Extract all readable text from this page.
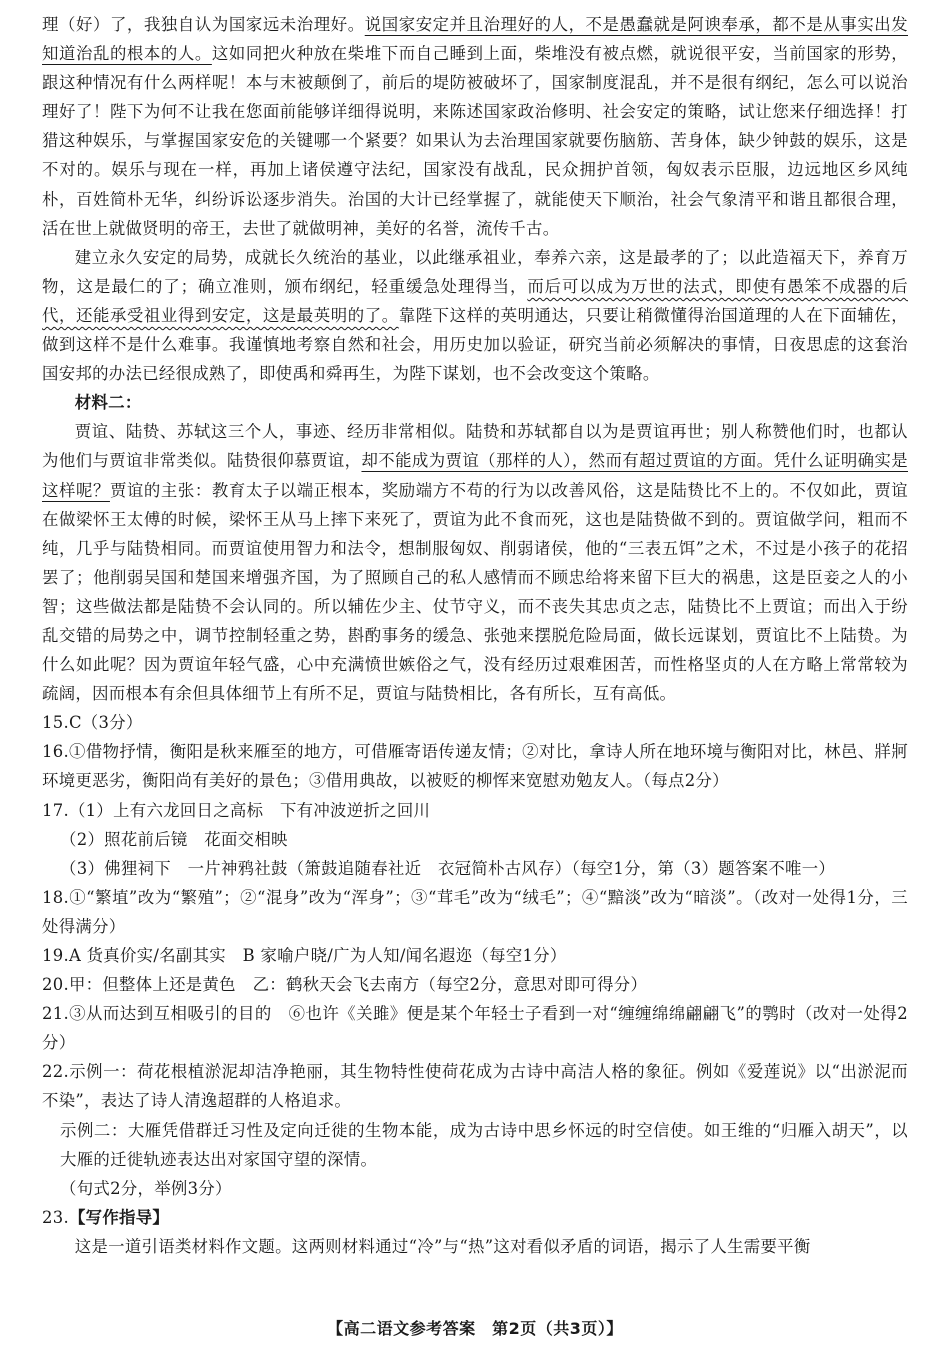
理（好）了，我独自认为国家远未治理好。说国家安定并且治理好的人，不是愚蠢就是阿谀奉承，都不是从事实出发知道治乱的根本的人。这如同把火种放在柴堆下而自己睡到上面，柴堆没有被点燃，就说很平安，当前国家的形势，跟这种情况有什么两样呢！本与末被颠倒了，前后的堤防被破坏了，国家制度混乱，并不是很有纲纪，怎么可以说治理好了！陛下为何不让我在您面前能够详细得说明，来陈述国家政治修明、社会安定的策略，试让您来仔细选择！打猎这种娱乐，与掌握国家安危的关键哪一个紧要？如果认为去治理国家就要伤脑筋、苦身体，缺少钟鼓的娱乐，这是不对的。娱乐与现在一样，再加上诸侯遵守法纪，国家没有战乱，民众拥护首领，匈奴表示臣服，边远地区乡风纯朴，百姓简朴无华，纠纷诉讼逐步消失。治国的大计已经掌握了，就能使天下顺治，社会气象清平和谐且都很合理，活在世上就做贤明的帝王，去世了就做明神，美好的名誉，流传千古。

建立永久安定的局势，成就长久统治的基业，以此继承祖业，奉养六亲，这是最孝的了；以此造福天下，养育万物，这是最仁的了；确立准则，颁布纲纪，轻重缓急处理得当，而后可以成为万世的法式，即使有愚笨不成器的后代，还能承受祖业得到安定，这是最英明的了。靠陛下这样的英明通达，只要让稍微懂得治国道理的人在下面辅佐，做到这样不是什么难事。我谨慎地考察自然和社会，用历史加以验证，研究当前必须解决的事情，日夜思虑的这套治国安邦的办法已经很成熟了，即使禹和舜再生，为陛下谋划，也不会改变这个策略。

材料二：

贾谊、陆贽、苏轼这三个人，事迹、经历非常相似。陆贽和苏轼都自以为是贾谊再世；别人称赞他们时，也都认为他们与贾谊非常类似。陆贽很仰慕贾谊，却不能成为贾谊（那样的人），然而有超过贾谊的方面。凭什么证明确实是这样呢？贾谊的主张：教育太子以端正根本，奖励端方不苟的行为以改善风俗，这是陆贽比不上的。不仅如此，贾谊在做梁怀王太傅的时候，梁怀王从马上摔下来死了，贾谊为此不食而死，这也是陆贽做不到的。贾谊做学问，粗而不纯，几乎与陆贽相同。而贾谊使用智力和法令，想制服匈奴、削弱诸侯，他的“三表五饵”之术，不过是小孩子的花招罢了；他削弱吴国和楚国来增强齐国，为了照顾自己的私人感情而不顾忠给将来留下巨大的祸患，这是臣妾之人的小智；这些做法都是陆贽不会认同的。所以辅佐少主、仗节守义，而不丧失其忠贞之志，陆贽比不上贾谊；而出入于纷乱交错的局势之中，调节控制轻重之势，斟酌事务的缓急、张弛来摆脱危险局面，做长远谋划，贾谊比不上陆贽。为什么如此呢？因为贾谊年轻气盛，心中充满愤世嫉俗之气，没有经历过艰难困苦，而性格坚贞的人在方略上常常较为疏阔，因而根本有余但具体细节上有所不足，贾谊与陆贽相比，各有所长，互有高低。

15.C（3分）

16.①借物抒情，衡阳是秋来雁至的地方，可借雁寄语传递友情；②对比，拿诗人所在地环境与衡阳对比，林邑、牂牁环境更恶劣，衡阳尚有美好的景色；③借用典故，以被贬的柳恽来宽慰劝勉友人。（每点2分）

17.（1）上有六龙回日之高标　下有冲波逆折之回川

（2）照花前后镜　花面交相映

（3）佛狸祠下　一片神鸦社鼓（箫鼓追随春社近　衣冠简朴古风存）（每空1分，第（3）题答案不唯一）

18.①“繁埴”改为“繁殖”；②“混身”改为“浑身”；③“茸毛”改为“绒毛”；④“黯淡”改为“暗淡”。（改对一处得1分，三处得满分）

19.A 货真价实/名副其实　B 家喻户晓/广为人知/闻名遐迩（每空1分）

20.甲：但整体上还是黄色　乙：鹤秋天会飞去南方（每空2分，意思对即可得分）

21.③从而达到互相吸引的目的　⑥也许《关雎》便是某个年轻士子看到一对“缠缠绵绵翩翩飞”的鹗时（改对一处得2分）

22.示例一：荷花根植淤泥却洁净艳丽，其生物特性使荷花成为古诗中高洁人格的象征。例如《爱莲说》以“出淤泥而不染”，表达了诗人清逸超群的人格追求。

示例二：大雁凭借群迁习性及定向迁徙的生物本能，成为古诗中思乡怀远的时空信使。如王维的“归雁入胡天”，以大雁的迁徙轨迹表达出对家国守望的深情。

（句式2分，举例3分）

23.【写作指导】

这是一道引语类材料作文题。这两则材料通过“冷”与“热”这对看似矛盾的词语，揭示了人生需要平衡

【高二语文参考答案　第2页（共3页）】
